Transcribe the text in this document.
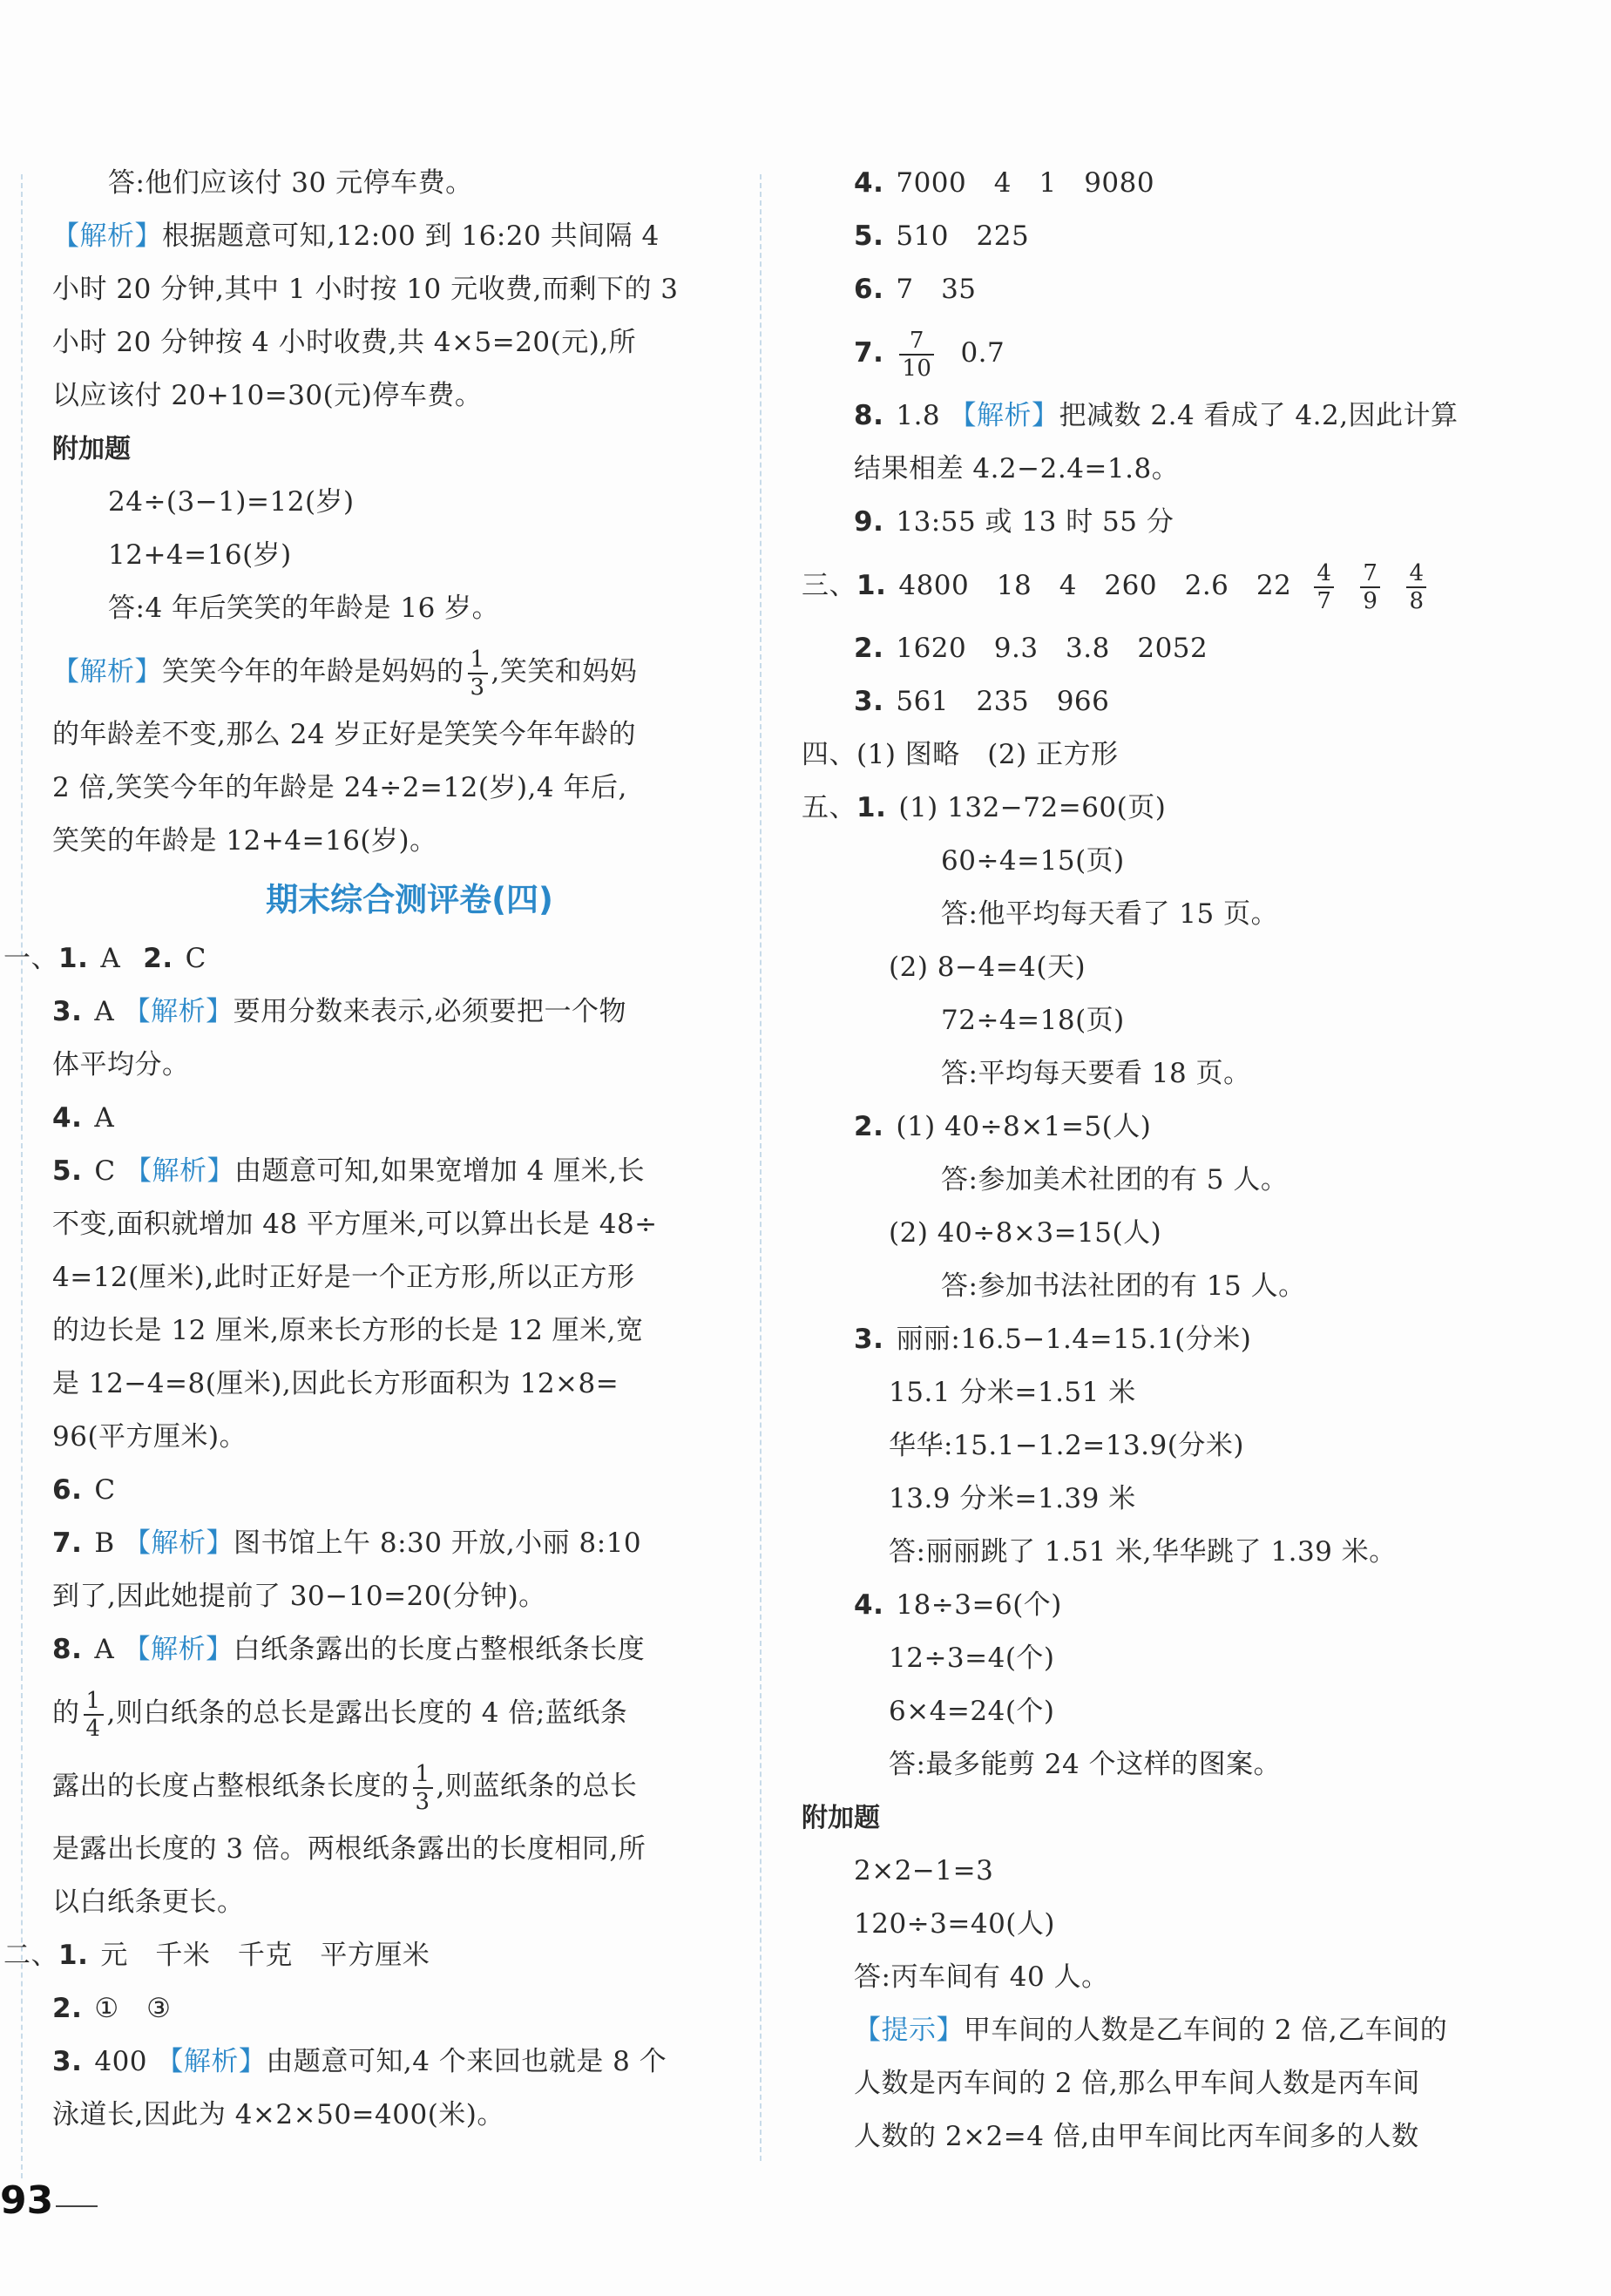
答:他们应该付 30 元停车费。
【解析】根据题意可知,12:00 到 16:20 共间隔 4
小时 20 分钟,其中 1 小时按 10 元收费,而剩下的 3
小时 20 分钟按 4 小时收费,共 4×5=20(元),所
以应该付 20+10=30(元)停车费。
附加题
24÷(3−1)=12(岁)
12+4=16(岁)
答:4 年后笑笑的年龄是 16 岁。
【解析】笑笑今年的年龄是妈妈的 $\frac{1}{3}$ ,笑笑和妈妈
的年龄差不变,那么 24 岁正好是笑笑今年年龄的
2 倍,笑笑今年的年龄是 24÷2=12(岁),4 年后,
笑笑的年龄是 12+4=16(岁)。
期末综合测评卷(四)
一、1. A 2. C
3. A 【解析】要用分数来表示,必须要把一个物
体平均分。
4. A
5. C 【解析】由题意可知,如果宽增加 4 厘米,长
不变,面积就增加 48 平方厘米,可以算出长是 48÷
4=12(厘米),此时正好是一个正方形,所以正方形
的边长是 12 厘米,原来长方形的长是 12 厘米,宽
是 12−4=8(厘米),因此长方形面积为 12×8=
96(平方厘米)。
6. C
7. B 【解析】图书馆上午 8:30 开放,小丽 8:10
到了,因此她提前了 30−10=20(分钟)。
8. A 【解析】白纸条露出的长度占整根纸条长度
的 $\frac{1}{4}$ ,则白纸条的总长是露出长度的 4 倍;蓝纸条
露出的长度占整根纸条长度的 $\frac{1}{3}$ ,则蓝纸条的总长
是露出长度的 3 倍。两根纸条露出的长度相同,所
以白纸条更长。
二、1. 元　千米　千克　平方厘米
2. ①　③
3. 400 【解析】由题意可知,4 个来回也就是 8 个
泳道长,因此为 4×2×50=400(米)。
4. 7000　4　1　9080
5. 510　225
6. 7　35
7. $\frac{7}{10} 0.7$
8. 1.8 【解析】把减数 2.4 看成了 4.2,因此计算
结果相差 4.2−2.4=1.8。
9. 13:55 或 13 时 55 分
三、1. 4800　18　4　260　2.6　$22 \frac{4}{7} \frac{7}{9} \frac{4}{8}$
2. 1620　9.3　3.8　2052
3. 561　235　966
四、(1) 图略　(2) 正方形
五、1. (1) 132−72=60(页)
60÷4=15(页)
答:他平均每天看了 15 页。
(2) 8−4=4(天)
72÷4=18(页)
答:平均每天要看 18 页。
2. (1) 40÷8×1=5(人)
答:参加美术社团的有 5 人。
(2) 40÷8×3=15(人)
答:参加书法社团的有 15 人。
3. 丽丽:16.5−1.4=15.1(分米)
15.1 分米=1.51 米
华华:15.1−1.2=13.9(分米)
13.9 分米=1.39 米
答:丽丽跳了 1.51 米,华华跳了 1.39 米。
4. 18÷3=6(个)
12÷3=4(个)
6×4=24(个)
答:最多能剪 24 个这样的图案。
附加题
2×2−1=3
120÷3=40(人)
答:丙车间有 40 人。
【提示】甲车间的人数是乙车间的 2 倍,乙车间的
人数是丙车间的 2 倍,那么甲车间人数是丙车间
人数的 2×2=4 倍,由甲车间比丙车间多的人数
93
